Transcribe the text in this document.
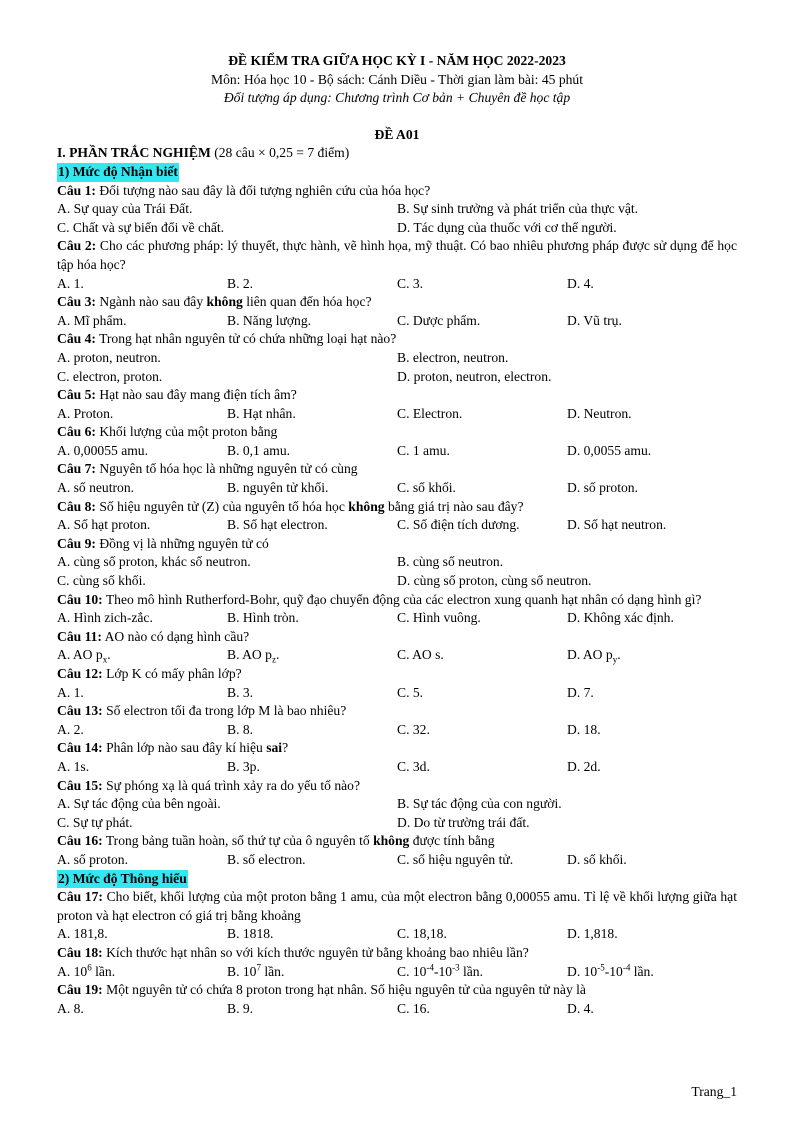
ĐỀ KIỂM TRA GIỮA HỌC KỲ I - NĂM HỌC 2022-2023
Môn: Hóa học 10 - Bộ sách: Cánh Diều - Thời gian làm bài: 45 phút
Đối tượng áp dụng: Chương trình Cơ bản + Chuyên đề học tập
ĐỀ A01
I. PHẦN TRẮC NGHIỆM (28 câu × 0,25 = 7 điểm)
1) Mức độ Nhận biết
Câu 1: Đối tượng nào sau đây là đối tượng nghiên cứu của hóa học?
A. Sự quay của Trái Đất.	B. Sự sinh trưởng và phát triển của thực vật.
C. Chất và sự biến đổi về chất.	D. Tác dụng của thuốc với cơ thể người.
Câu 2: Cho các phương pháp: lý thuyết, thực hành, vẽ hình họa, mỹ thuật. Có bao nhiêu phương pháp được sử dụng để học tập hóa học?
A. 1.	B. 2.	C. 3.	D. 4.
Câu 3: Ngành nào sau đây không liên quan đến hóa học?
A. Mĩ phẩm.	B. Năng lượng.	C. Dược phẩm.	D. Vũ trụ.
Câu 4: Trong hạt nhân nguyên tử có chứa những loại hạt nào?
A. proton, neutron.	B. electron, neutron.
C. electron, proton.	D. proton, neutron, electron.
Câu 5: Hạt nào sau đây mang điện tích âm?
A. Proton.	B. Hạt nhân.	C. Electron.	D. Neutron.
Câu 6: Khối lượng của một proton bằng
A. 0,00055 amu.	B. 0,1 amu.	C. 1 amu.	D. 0,0055 amu.
Câu 7: Nguyên tố hóa học là những nguyên tử có cùng
A. số neutron.	B. nguyên tử khối.	C. số khối.	D. số proton.
Câu 8: Số hiệu nguyên tử (Z) của nguyên tố hóa học không bằng giá trị nào sau đây?
A. Số hạt proton.	B. Số hạt electron.	C. Số điện tích dương.	D. Số hạt neutron.
Câu 9: Đồng vị là những nguyên tử có
A. cùng số proton, khác số neutron.	B. cùng số neutron.
C. cùng số khối.	D. cùng số proton, cùng số neutron.
Câu 10: Theo mô hình Rutherford-Bohr, quỹ đạo chuyển động của các electron xung quanh hạt nhân có dạng hình gì?
A. Hình zich-zắc.	B. Hình tròn.	C. Hình vuông.	D. Không xác định.
Câu 11: AO nào có dạng hình cầu?
A. AO $p_x$.	B. AO $p_z$.	C. AO s.	D. AO $p_y$.
Câu 12: Lớp K có mấy phân lớp?
A. 1.	B. 3.	C. 5.	D. 7.
Câu 13: Số electron tối đa trong lớp M là bao nhiêu?
A. 2.	B. 8.	C. 32.	D. 18.
Câu 14: Phân lớp nào sau đây kí hiệu sai?
A. 1s.	B. 3p.	C. 3d.	D. 2d.
Câu 15: Sự phóng xạ là quá trình xảy ra do yếu tố nào?
A. Sự tác động của bên ngoài.	B. Sự tác động của con người.
C. Sự tự phát.	D. Do từ trường trái đất.
Câu 16: Trong bảng tuần hoàn, số thứ tự của ô nguyên tố không được tính bằng
A. số proton.	B. số electron.	C. số hiệu nguyên tử.	D. số khối.
2) Mức độ Thông hiểu
Câu 17: Cho biết, khối lượng của một proton bằng 1 amu, của một electron bằng 0,00055 amu. Tỉ lệ về khối lượng giữa hạt proton và hạt electron có giá trị bằng khoảng
A. 181,8.	B. 1818.	C. 18,18.	D. 1,818.
Câu 18: Kích thước hạt nhân so với kích thước nguyên tử bằng khoảng bao nhiêu lần?
A. $10^6$ lần.	B. $10^7$ lần.	C. $10^{-4}-10^{-3}$ lần.	D. $10^{-5}-10^{-4}$ lần.
Câu 19: Một nguyên tử có chứa 8 proton trong hạt nhân. Số hiệu nguyên tử của nguyên tử này là
A. 8.	B. 9.	C. 16.	D. 4.
Trang_1
